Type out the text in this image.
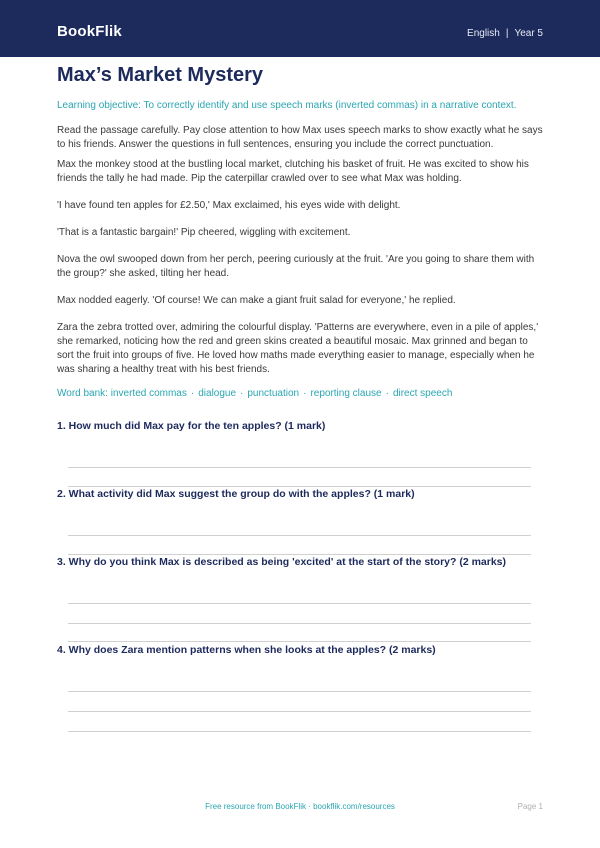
BookFlik	English | Year 5
Max’s Market Mystery
Learning objective: To correctly identify and use speech marks (inverted commas) in a narrative context.
Read the passage carefully. Pay close attention to how Max uses speech marks to show exactly what he says to his friends. Answer the questions in full sentences, ensuring you include the correct punctuation.
Max the monkey stood at the bustling local market, clutching his basket of fruit. He was excited to show his friends the tally he had made. Pip the caterpillar crawled over to see what Max was holding.
'I have found ten apples for £2.50,' Max exclaimed, his eyes wide with delight.
'That is a fantastic bargain!' Pip cheered, wiggling with excitement.
Nova the owl swooped down from her perch, peering curiously at the fruit. 'Are you going to share them with the group?' she asked, tilting her head.
Max nodded eagerly. 'Of course! We can make a giant fruit salad for everyone,' he replied.
Zara the zebra trotted over, admiring the colourful display. 'Patterns are everywhere, even in a pile of apples,' she remarked, noticing how the red and green skins created a beautiful mosaic. Max grinned and began to sort the fruit into groups of five. He loved how maths made everything easier to manage, especially when he was sharing a healthy treat with his best friends.
Word bank: inverted commas · dialogue · punctuation · reporting clause · direct speech
1. How much did Max pay for the ten apples? (1 mark)
2. What activity did Max suggest the group do with the apples? (1 mark)
3. Why do you think Max is described as being 'excited' at the start of the story? (2 marks)
4. Why does Zara mention patterns when she looks at the apples? (2 marks)
Free resource from BookFlik · bookflik.com/resources	Page 1
